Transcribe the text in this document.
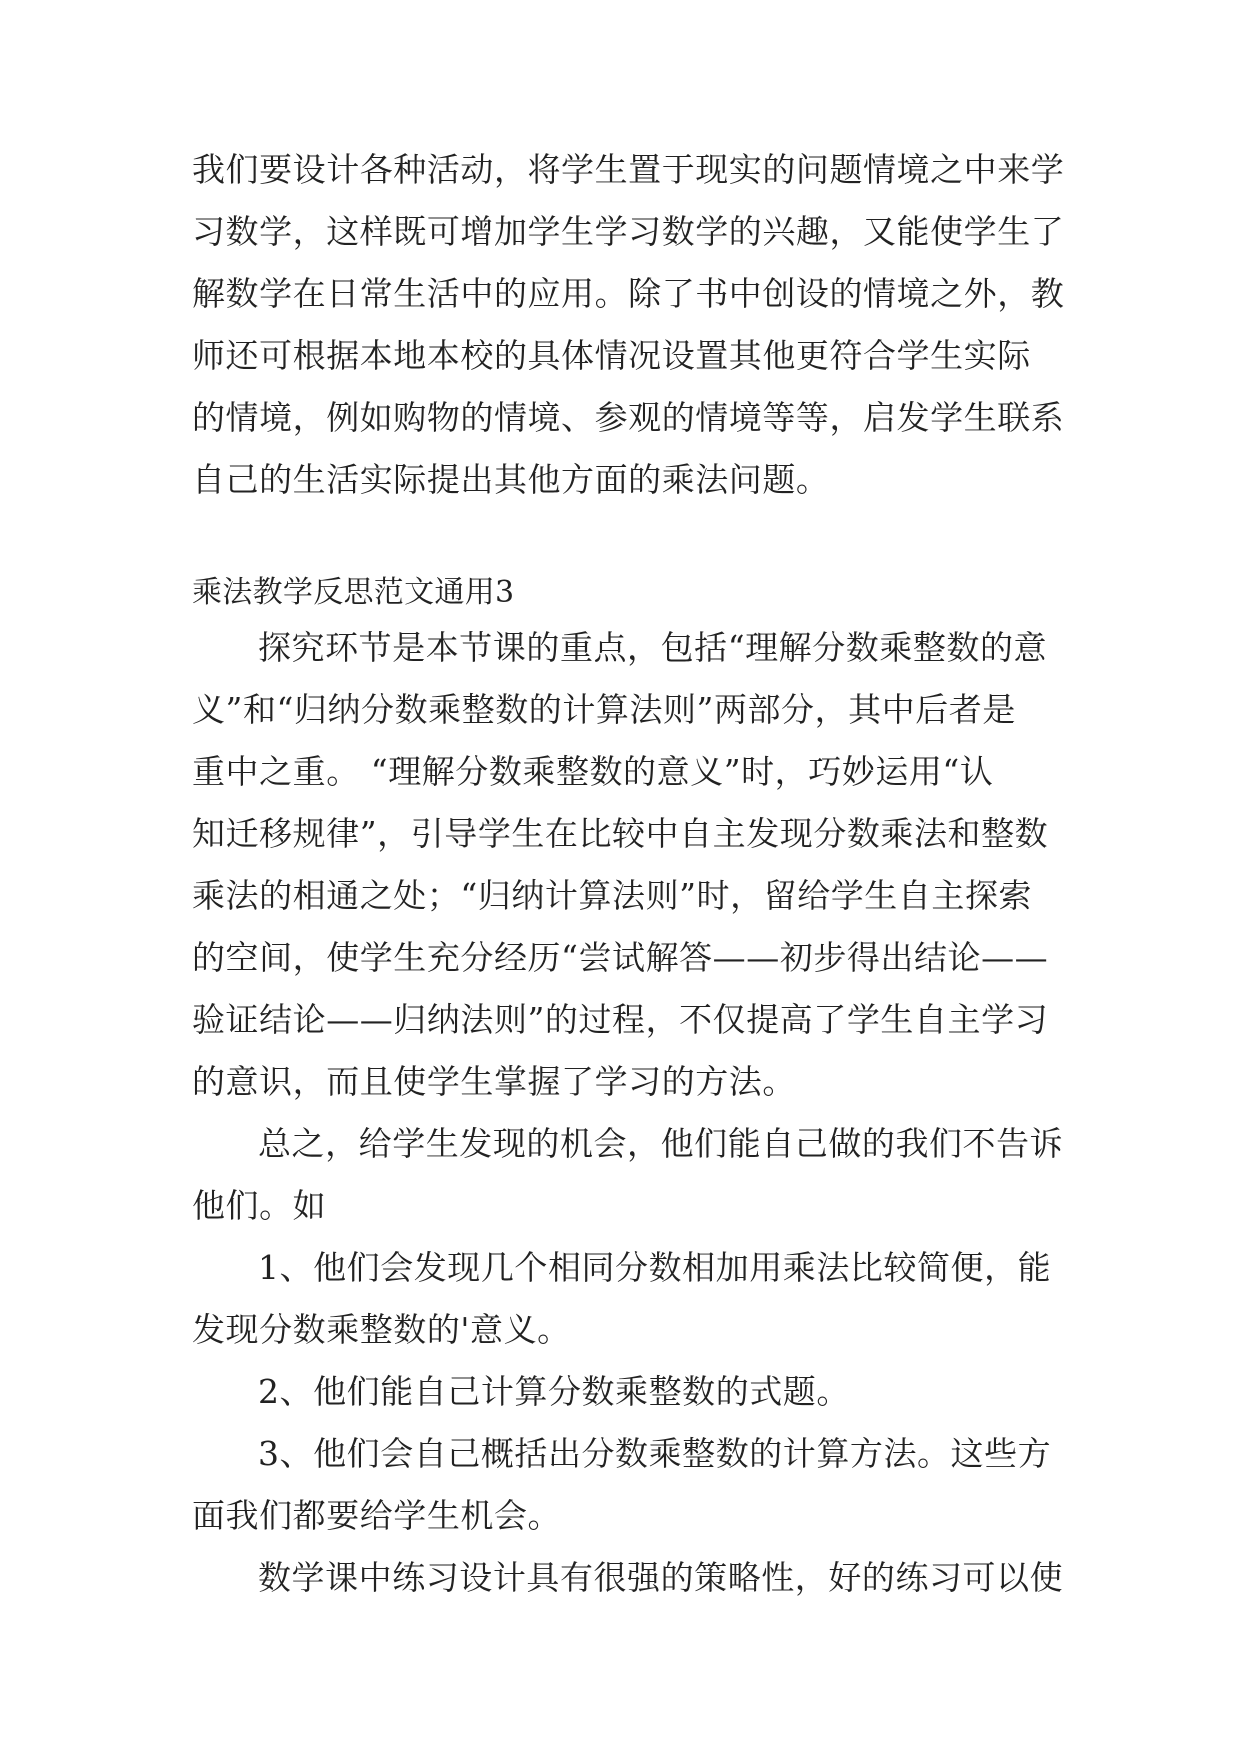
我们要设计各种活动，将学生置于现实的问题情境之中来学
习数学，这样既可增加学生学习数学的兴趣，又能使学生了
解数学在日常生活中的应用。除了书中创设的情境之外，教
师还可根据本地本校的具体情况设置其他更符合学生实际
的情境，例如购物的情境、参观的情境等等，启发学生联系
自己的生活实际提出其他方面的乘法问题。
乘法教学反思范文通用3
探究环节是本节课的重点，包括“理解分数乘整数的意
义”和“归纳分数乘整数的计算法则”两部分，其中后者是
重中之重。 “理解分数乘整数的意义”时，巧妙运用“认
知迁移规律”，引导学生在比较中自主发现分数乘法和整数
乘法的相通之处；“归纳计算法则”时，留给学生自主探索
的空间，使学生充分经历“尝试解答——初步得出结论——
验证结论——归纳法则”的过程，不仅提高了学生自主学习
的意识，而且使学生掌握了学习的方法。
总之，给学生发现的机会，他们能自己做的我们不告诉
他们。如
1、他们会发现几个相同分数相加用乘法比较简便，能
发现分数乘整数的'意义。
2、他们能自己计算分数乘整数的式题。
3、他们会自己概括出分数乘整数的计算方法。这些方
面我们都要给学生机会。
数学课中练习设计具有很强的策略性，好的练习可以使
